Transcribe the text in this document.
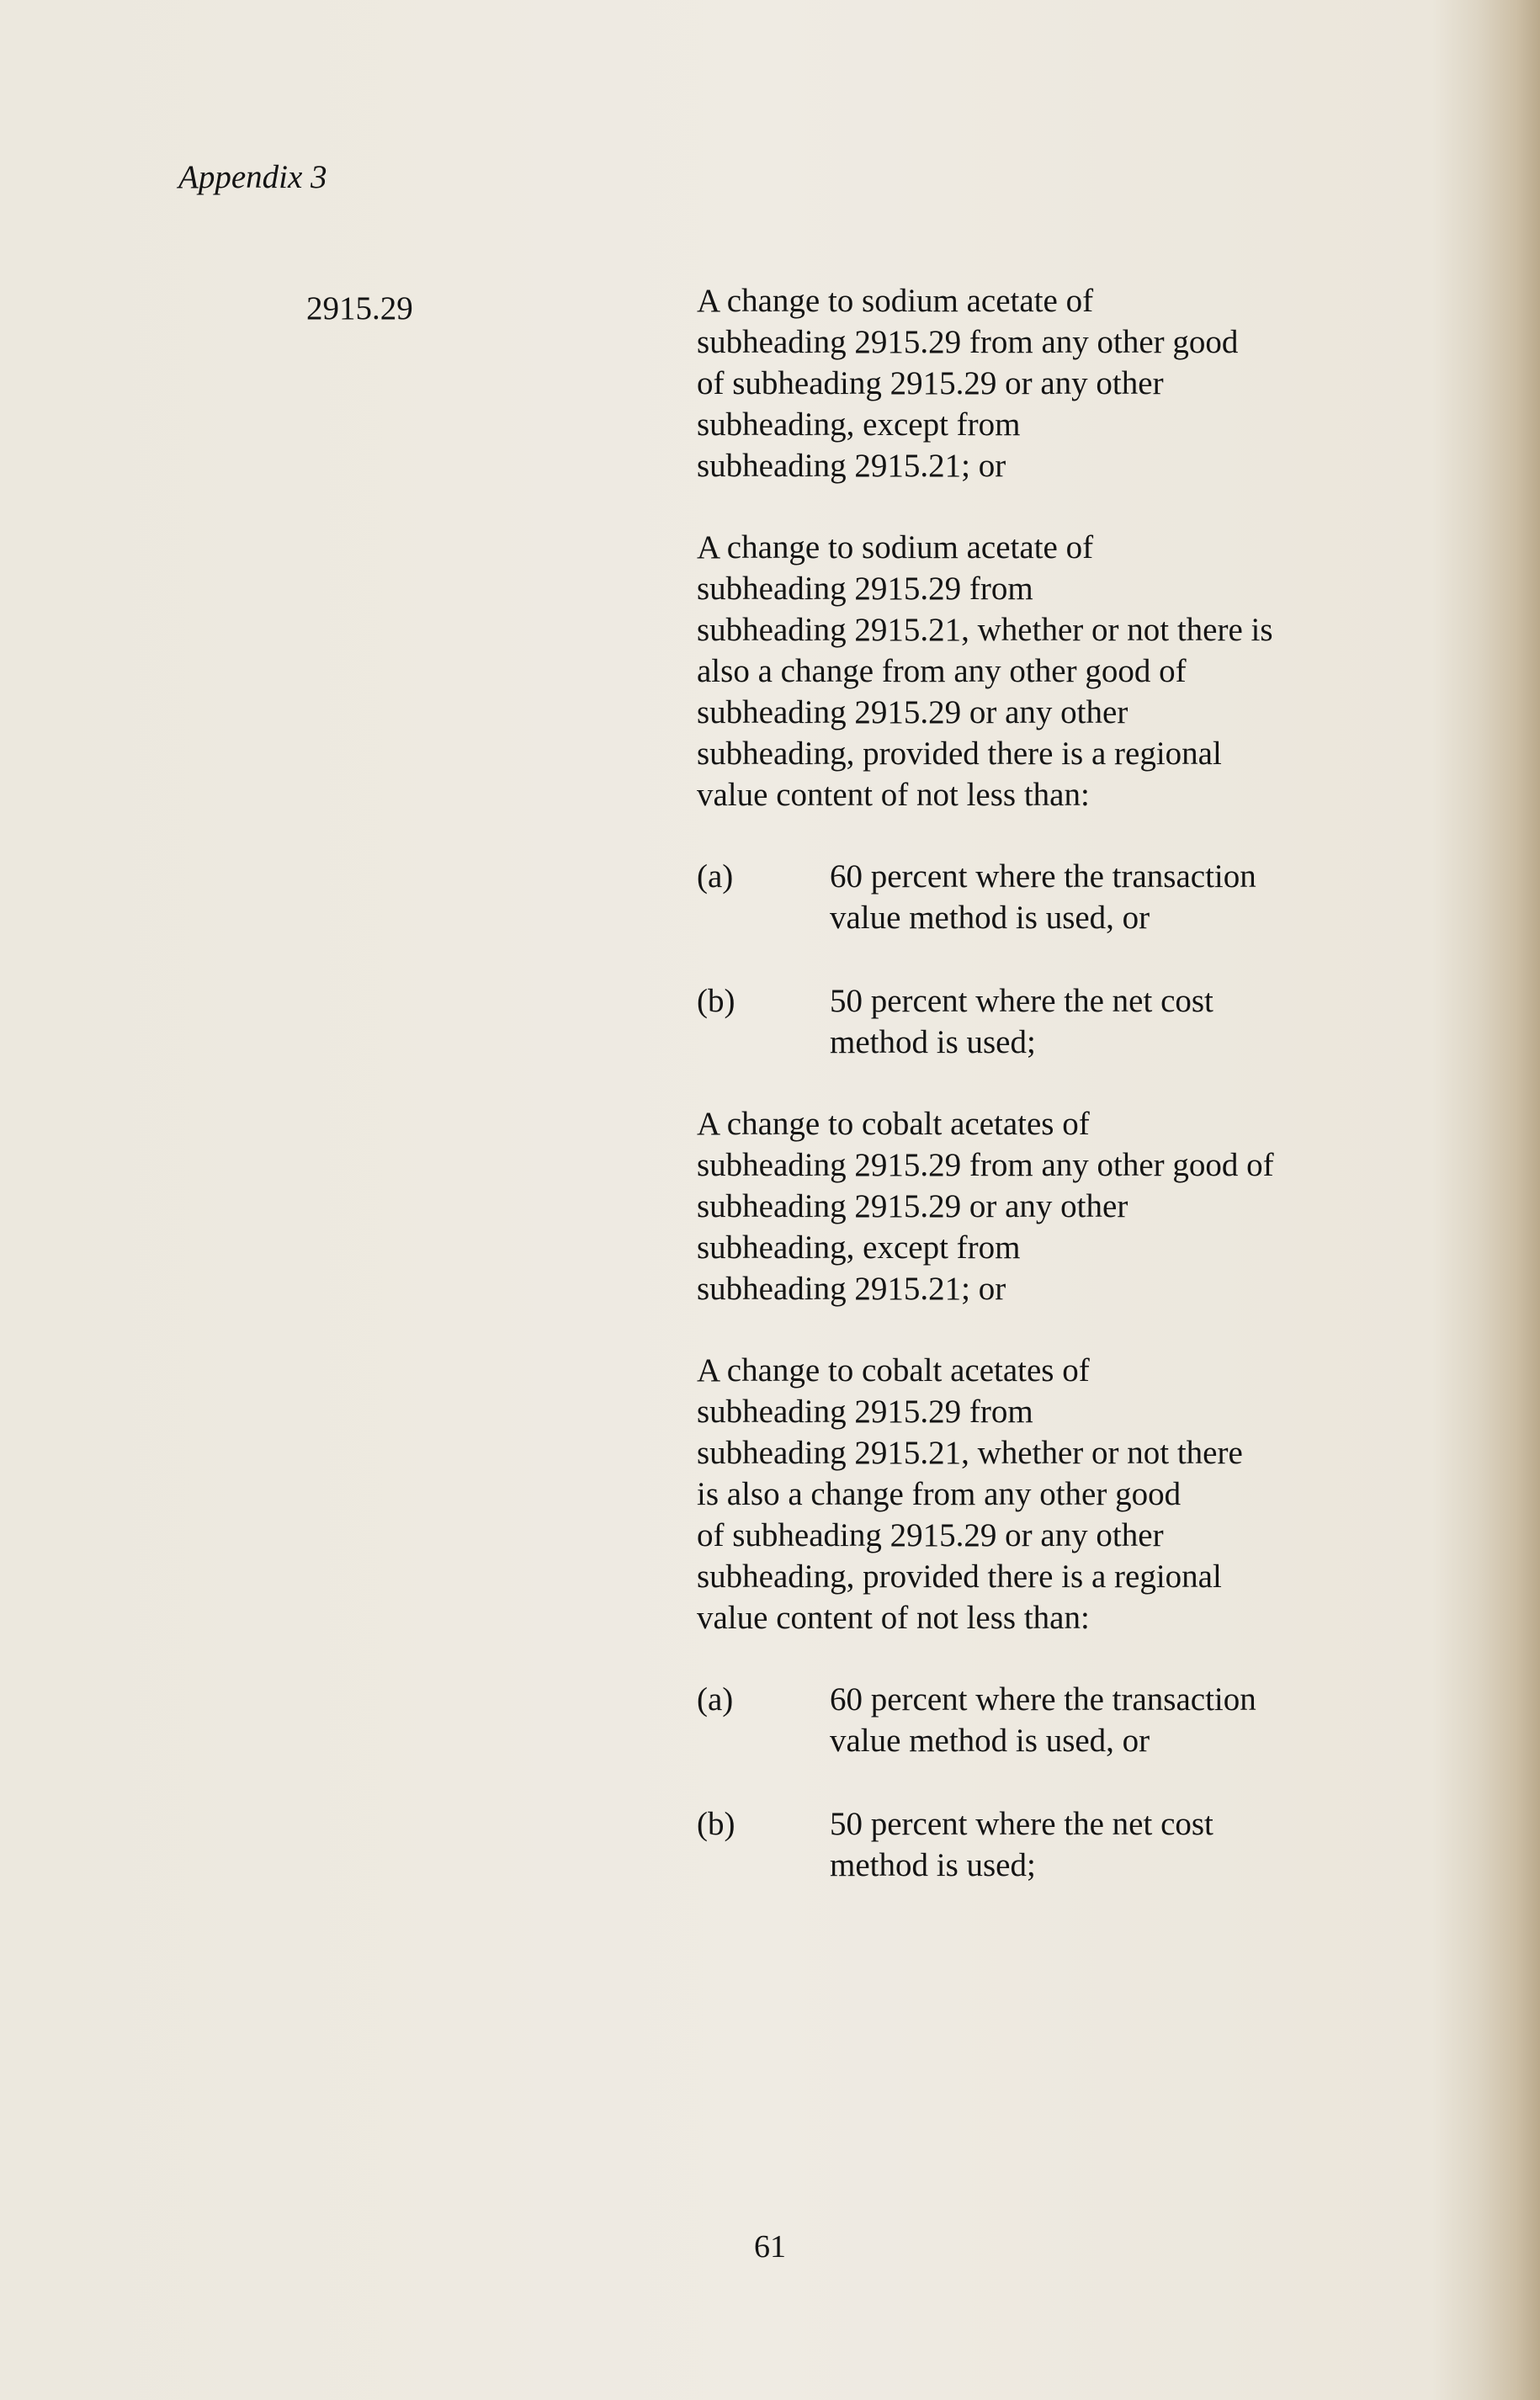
Appendix 3
2915.29	A change to sodium acetate of
subheading 2915.29 from any other good
of subheading 2915.29 or any other
subheading, except from
subheading 2915.21; or
A change to sodium acetate of
subheading 2915.29 from
subheading 2915.21, whether or not there is
also a change from any other good of
subheading 2915.29 or any other
subheading, provided there is a regional
value content of not less than:
(a)	60 percent where the transaction
value method is used, or
(b)	50 percent where the net cost
method is used;
A change to cobalt acetates of
subheading 2915.29 from any other good of
subheading 2915.29 or any other
subheading, except from
subheading 2915.21; or
A change to cobalt acetates of
subheading 2915.29 from
subheading 2915.21, whether or not there
is also a change from any other good
of subheading 2915.29 or any other
subheading, provided there is a regional
value content of not less than:
(a)	60 percent where the transaction
value method is used, or
(b)	50 percent where the net cost
method is used;
61
